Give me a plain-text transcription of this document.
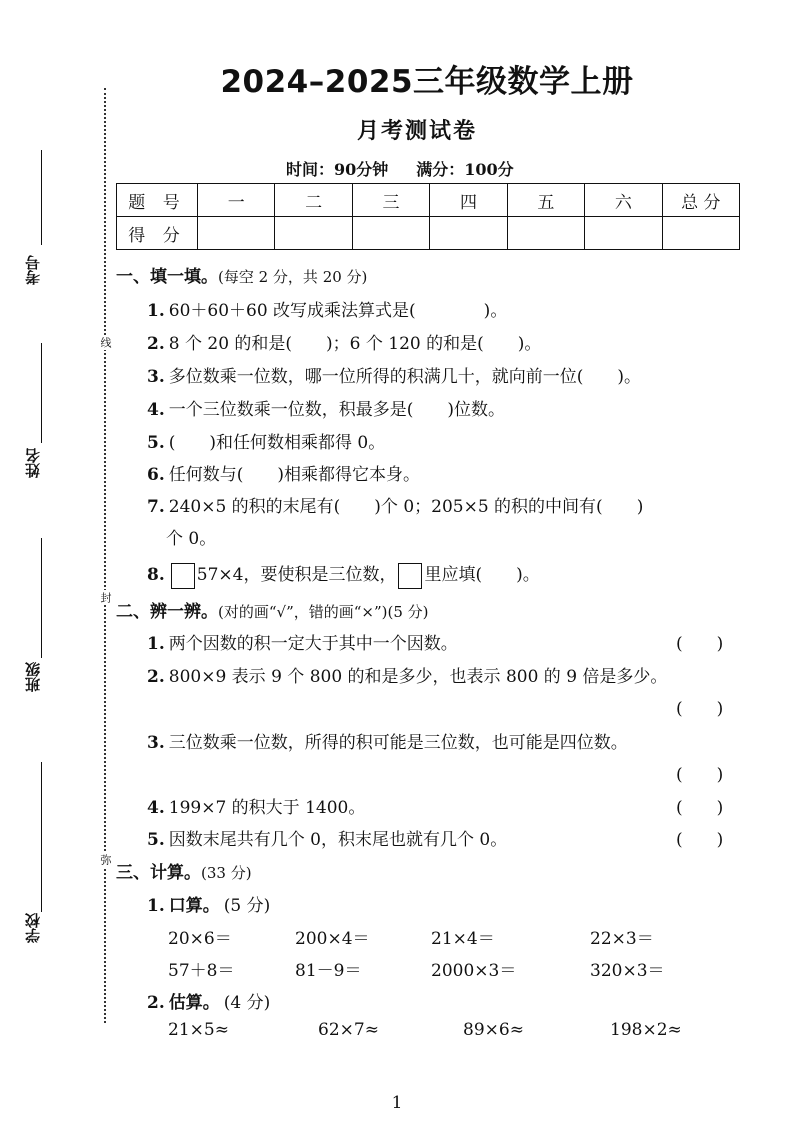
线
封
弥
考号
姓名
班级
学校
2024–2025三年级数学上册
月考测试卷
时间：90分钟 满分：100分
题 号	一	二	三	四	五	六	总 分
得 分							
一、填一填。(每空 2 分，共 20 分)
1. 60＋60＋60 改写成乘法算式是(　　　　)。
2. 8 个 20 的和是(　　)；6 个 120 的和是(　　)。
3. 多位数乘一位数，哪一位所得的积满几十，就向前一位(　　)。
4. 一个三位数乘一位数，积最多是(　　)位数。
5. (　　)和任何数相乘都得 0。
6. 任何数与(　　)相乘都得它本身。
7. 240×5 的积的末尾有(　　)个 0；205×5 的积的中间有(　　)
个 0。
8. 57×4，要使积是三位数， 里应填(　　)。
二、辨一辨。(对的画“√”，错的画“×”)(5 分)
1. 两个因数的积一定大于其中一个因数。	(　　)
2. 800×9 表示 9 个 800 的和是多少，也表示 800 的 9 倍是多少。
(　　)
3. 三位数乘一位数，所得的积可能是三位数，也可能是四位数。
(　　)
4. 199×7 的积大于 1400。	(　　)
5. 因数末尾共有几个 0，积末尾也就有几个 0。	(　　)
三、计算。(33 分)
1. 口算。 (5 分)
20×6＝	200×4＝	21×4＝	22×3＝
57＋8＝	81－9＝	2000×3＝	320×3＝
2. 估算。 (4 分)
21×5≈	62×7≈	89×6≈	198×2≈
1
